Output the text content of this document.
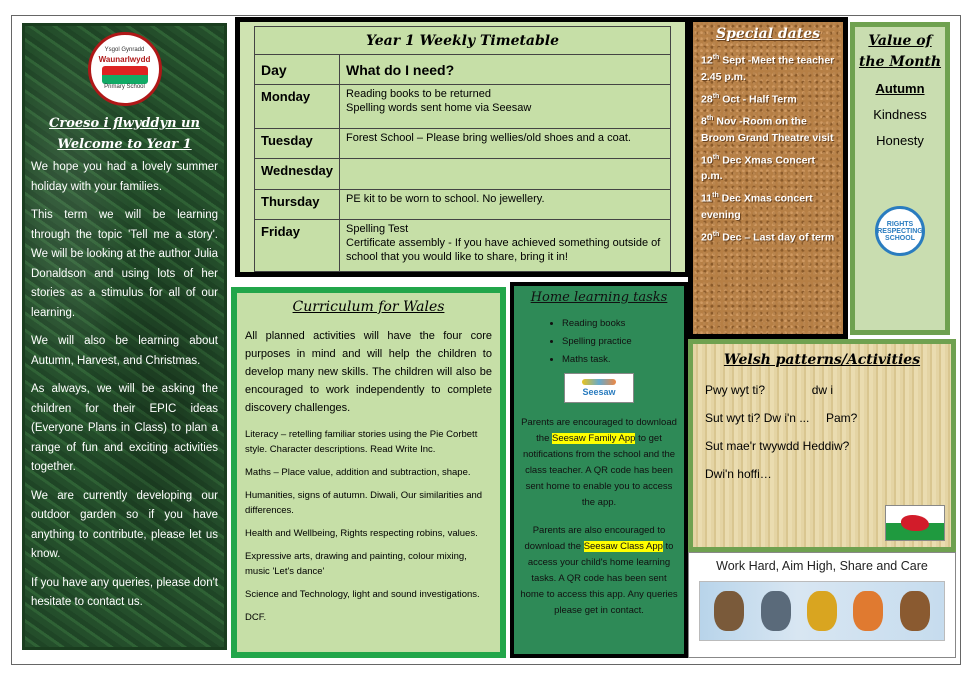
Ysgol Gynradd
Waunarlwydd
Primary School
Croeso i flwyddyn un
Welcome to Year 1

We hope you had a lovely summer holiday with your families.

This term we will be learning through the topic 'Tell me a story'. We will be looking at the author Julia Donaldson and using lots of her stories as a stimulus for all of our learning.

We will also be learning about Autumn, Harvest, and Christmas.

As always, we will be asking the children for their EPIC ideas (Everyone Plans in Class) to plan a range of fun and exciting activities together.

We are currently developing our outdoor garden so if you have anything to contribute, please let us know.

If you have any queries, please don't hesitate to contact us.

Year 1 Weekly Timetable	
Day	What do I need?
Monday	Reading books to be returned
Spelling words sent home via Seesaw
Tuesday	Forest School – Please bring wellies/old shoes and a coat.
Wednesday	
Thursday	PE kit to be worn to school. No jewellery.
Friday	Spelling Test
Certificate assembly - If you have achieved something outside of school that you would like to share, bring it in!
Special dates

12th Sept -Meet the teacher 2.45 p.m.

28th Oct - Half Term

8th Nov -Room on the Broom Grand Theatre visit

10th Dec Xmas Concert p.m.

11th Dec Xmas concert evening

20th Dec – Last day of term

Value of the Month
Autumn
Kindness
Honesty
RIGHTS RESPECTING SCHOOL
Curriculum for Wales
All planned activities will have the four core purposes in mind and will help the children to develop many new skills. The children will also be encouraged to work independently to complete discovery challenges.

Literacy – retelling familiar stories using the Pie Corbett style. Character descriptions. Read Write Inc.

Maths – Place value, addition and subtraction, shape.

Humanities, signs of autumn. Diwali, Our similarities and differences.

Health and Wellbeing, Rights respecting robins, values.

Expressive arts, drawing and painting, colour mixing, music 'Let's dance'

Science and Technology, light and sound investigations.

DCF.

Home learning tasks
• Reading books
• Spelling practice
• Maths task.
Seesaw

Parents are encouraged to download the Seesaw Family App to get notifications from the school and the class teacher. A QR code has been sent home to enable you to access the app.

Parents are also encouraged to download the Seesaw Class App to access your child's home learning tasks. A QR code has been sent home to access this app. Any queries please get in contact.

Welsh patterns/Activities

Pwy wyt ti?              dw i

Sut wyt ti? Dw i'n ...     Pam?

Sut mae'r twywdd Heddiw?

Dwi'n hoffi…

Work Hard, Aim High, Share and Care
